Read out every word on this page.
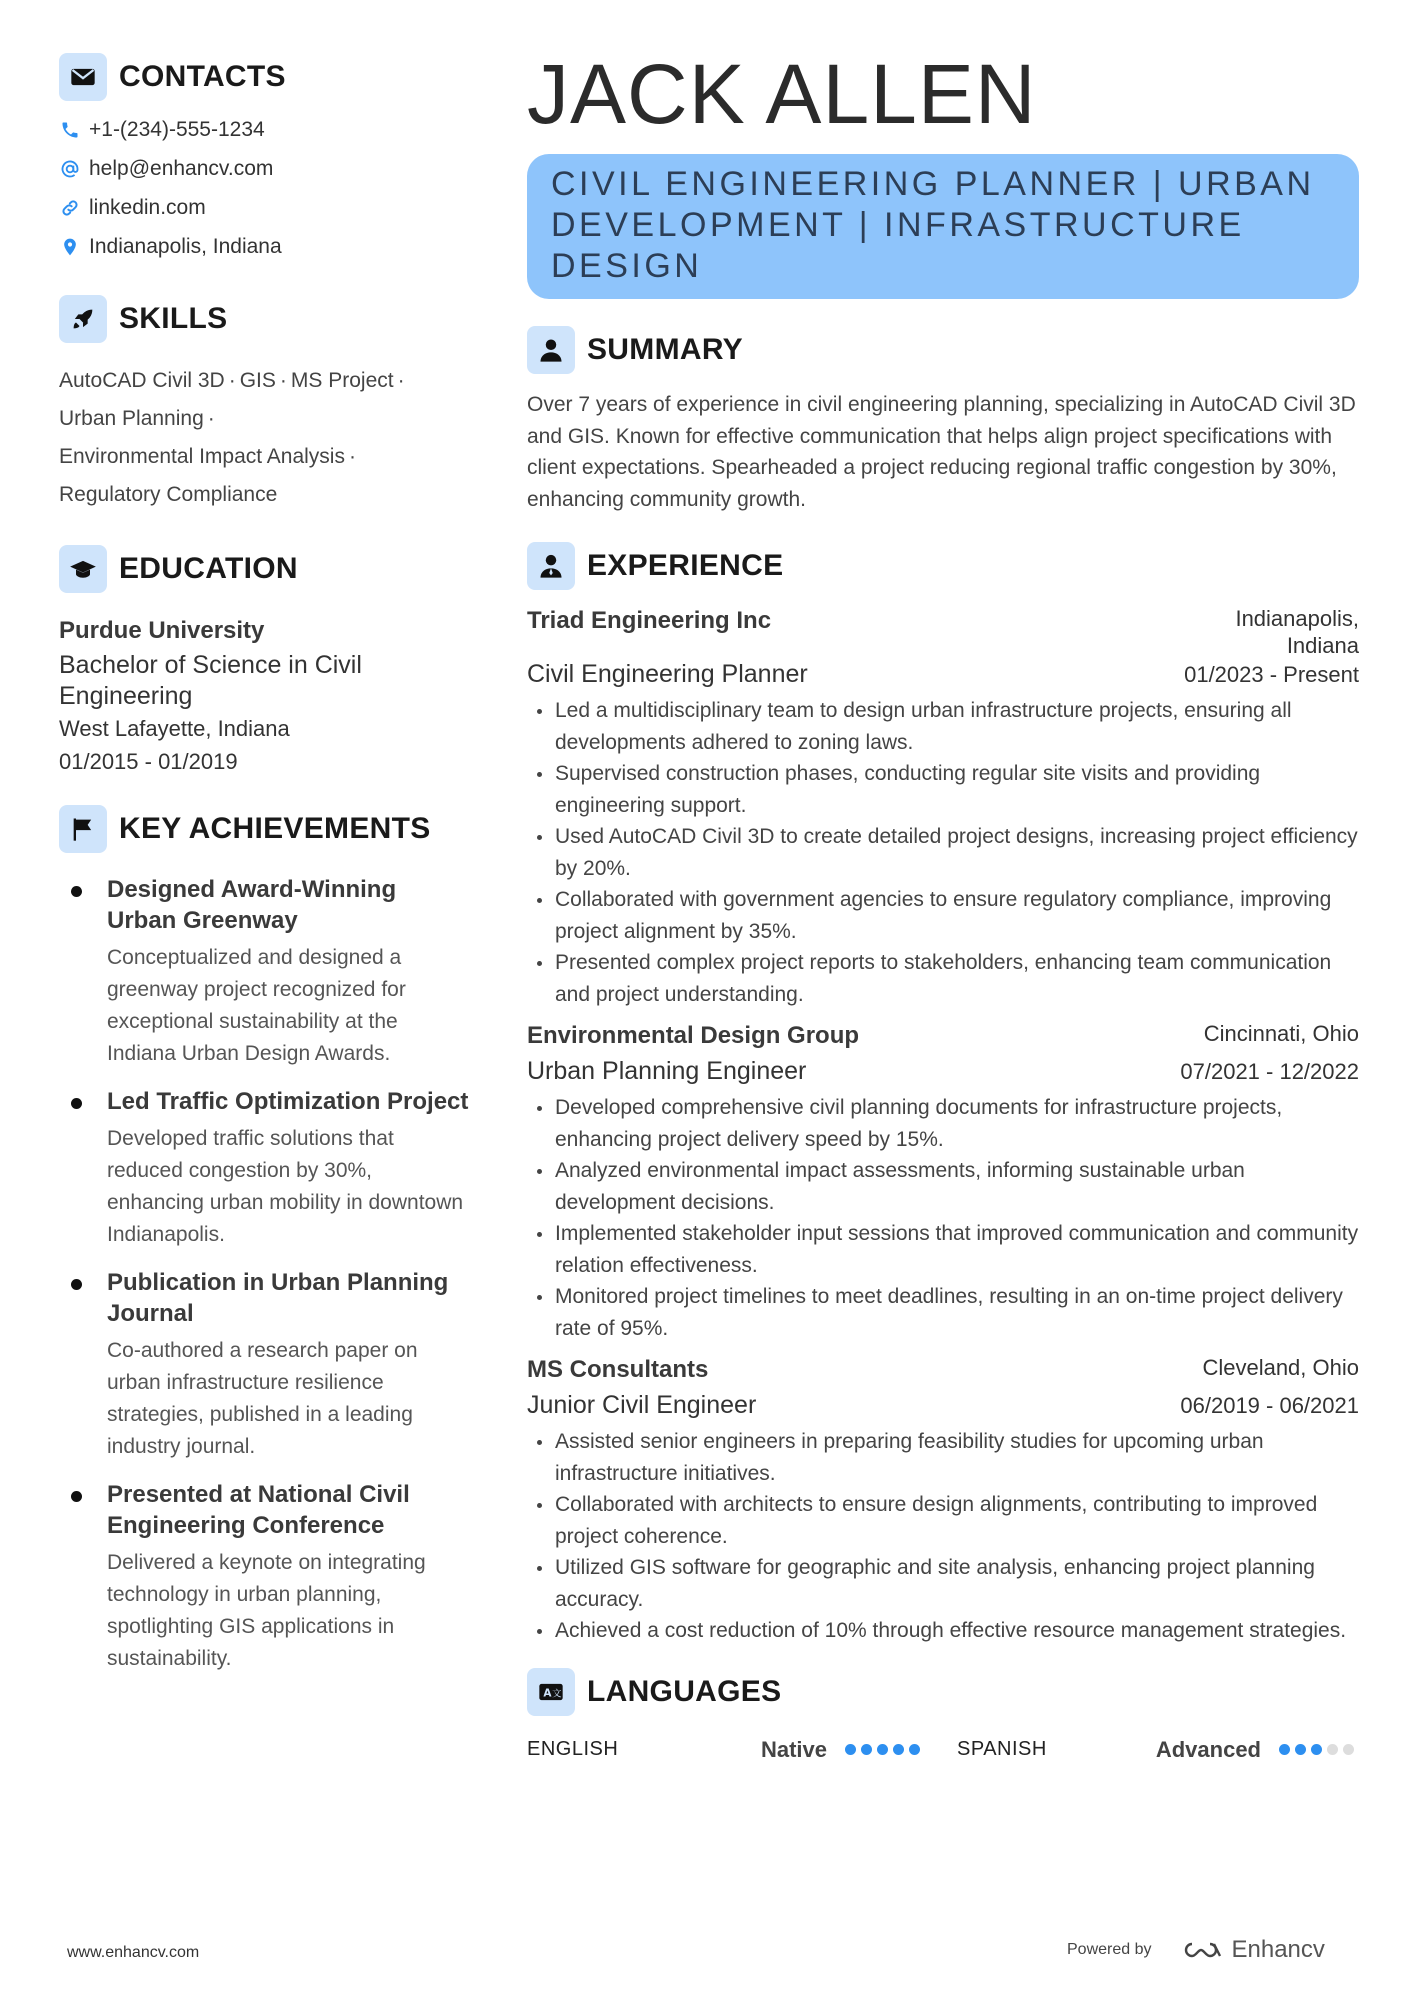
CONTACTS
+1-(234)-555-1234
help@enhancv.com
linkedin.com
Indianapolis, Indiana
SKILLS
AutoCAD Civil 3D · GIS · MS Project ·
Urban Planning ·
Environmental Impact Analysis ·
Regulatory Compliance
EDUCATION
Purdue University
Bachelor of Science in Civil Engineering
West Lafayette, Indiana
01/2015 - 01/2019
KEY ACHIEVEMENTS
Designed Award-Winning Urban Greenway
Conceptualized and designed a greenway project recognized for exceptional sustainability at the Indiana Urban Design Awards.
Led Traffic Optimization Project
Developed traffic solutions that reduced congestion by 30%, enhancing urban mobility in downtown Indianapolis.
Publication in Urban Planning Journal
Co-authored a research paper on urban infrastructure resilience strategies, published in a leading industry journal.
Presented at National Civil Engineering Conference
Delivered a keynote on integrating technology in urban planning, spotlighting GIS applications in sustainability.
JACK ALLEN
CIVIL ENGINEERING PLANNER | URBAN DEVELOPMENT | INFRASTRUCTURE DESIGN
SUMMARY
Over 7 years of experience in civil engineering planning, specializing in AutoCAD Civil 3D and GIS. Known for effective communication that helps align project specifications with client expectations. Spearheaded a project reducing regional traffic congestion by 30%, enhancing community growth.
EXPERIENCE
Triad Engineering Inc	Indianapolis,
Indiana
Civil Engineering Planner	01/2023 - Present
Led a multidisciplinary team to design urban infrastructure projects, ensuring all developments adhered to zoning laws.
Supervised construction phases, conducting regular site visits and providing engineering support.
Used AutoCAD Civil 3D to create detailed project designs, increasing project efficiency by 20%.
Collaborated with government agencies to ensure regulatory compliance, improving project alignment by 35%.
Presented complex project reports to stakeholders, enhancing team communication and project understanding.
Environmental Design Group	Cincinnati, Ohio
Urban Planning Engineer	07/2021 - 12/2022
Developed comprehensive civil planning documents for infrastructure projects, enhancing project delivery speed by 15%.
Analyzed environmental impact assessments, informing sustainable urban development decisions.
Implemented stakeholder input sessions that improved communication and community relation effectiveness.
Monitored project timelines to meet deadlines, resulting in an on-time project delivery rate of 95%.
MS Consultants	Cleveland, Ohio
Junior Civil Engineer	06/2019 - 06/2021
Assisted senior engineers in preparing feasibility studies for upcoming urban infrastructure initiatives.
Collaborated with architects to ensure design alignments, contributing to improved project coherence.
Utilized GIS software for geographic and site analysis, enhancing project planning accuracy.
Achieved a cost reduction of 10% through effective resource management strategies.
A 文 LANGUAGES
ENGLISH	Native	SPANISH	Advanced
www.enhancv.com	Powered by	Enhancv
